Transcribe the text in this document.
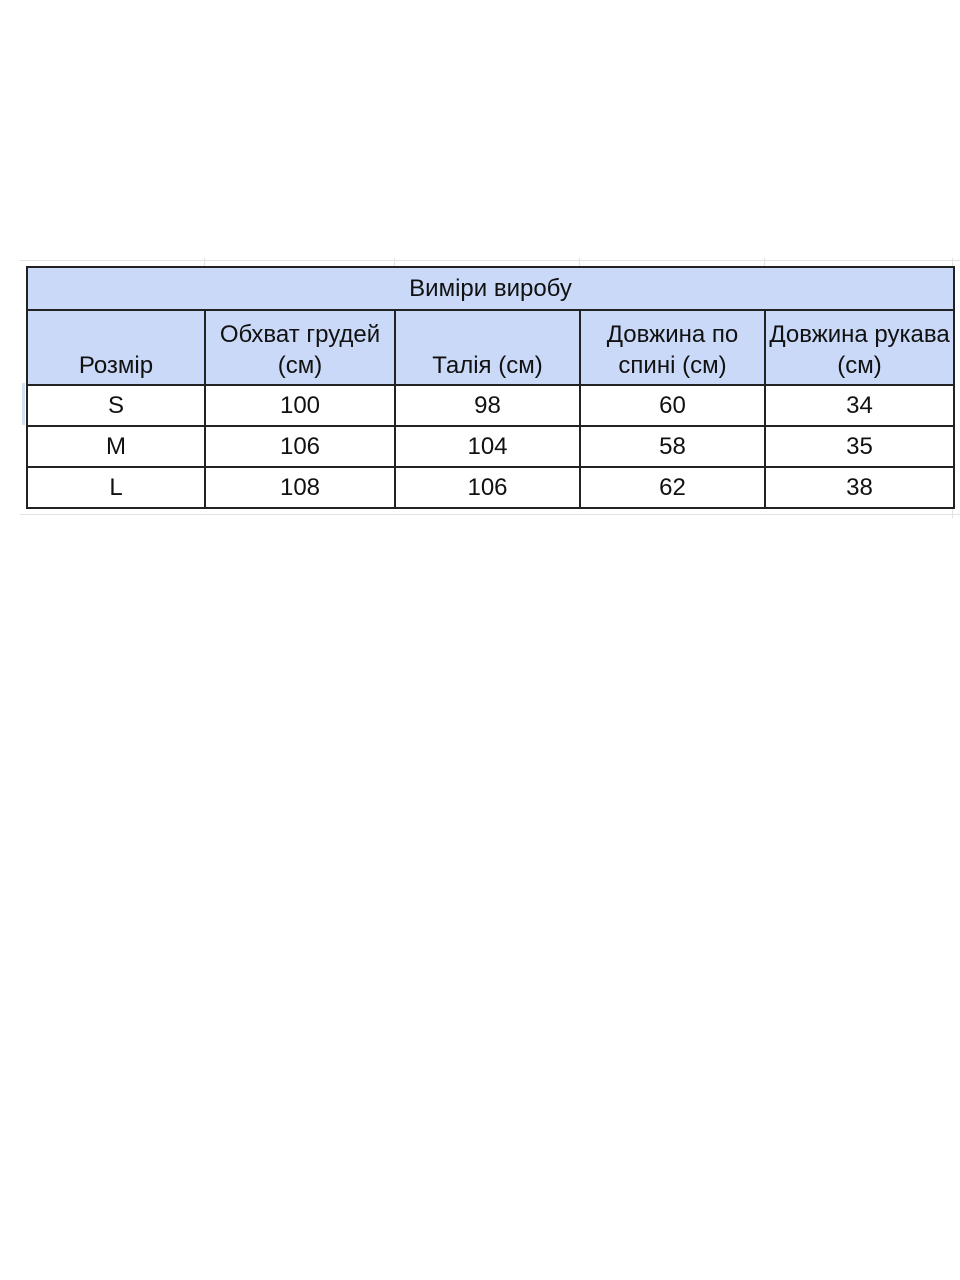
Виміри виробу				
Розмір	Обхват грудей (см)	Талія (см)	Довжина по спині (см)	Довжина рукава (см)
S	100	98	60	34
M	106	104	58	35
L	108	106	62	38
